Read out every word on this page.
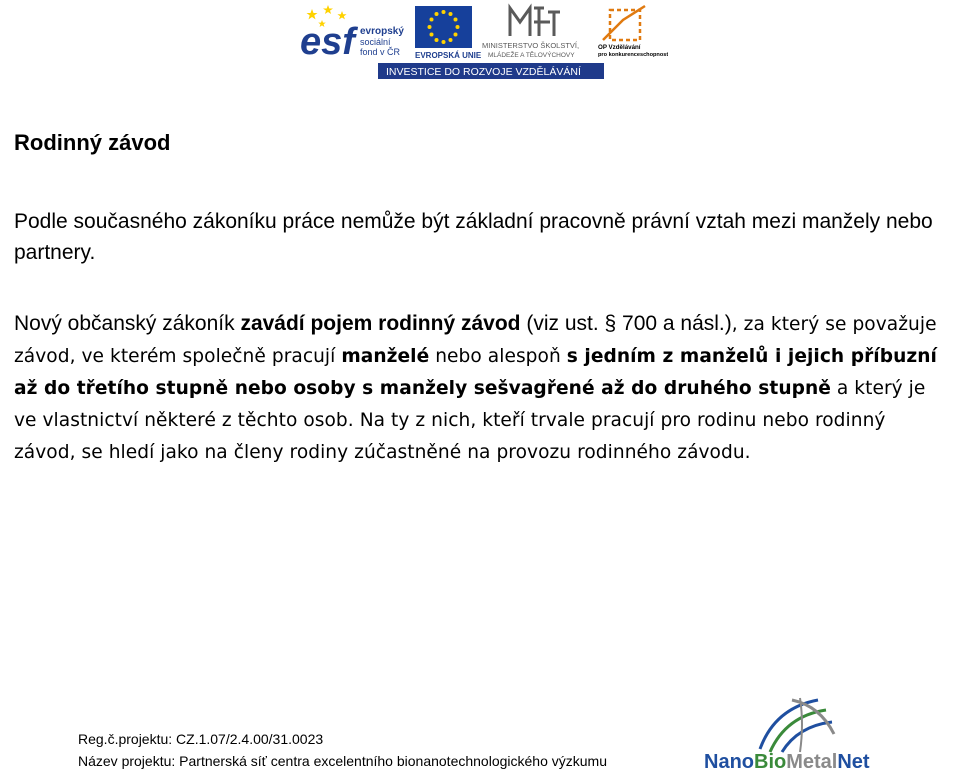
esf evropský
sociální
fond v ČR EVROPSKÁ UNIE
MINISTERSTVO ŠKOLSTVÍ,
MLÁDEŽE A TĚLOVÝCHOVY
OP Vzdělávání
pro konkurenceschopnost
INVESTICE DO ROZVOJE VZDĚLÁVÁNÍ
Rodinný závod

Podle současného zákoníku práce nemůže být základní pracovně právní vztah mezi manžely nebo partnery.

Nový občanský zákoník zavádí pojem rodinný závod (viz ust. § 700 a násl.), za který se považuje závod, ve kterém společně pracují manželé nebo alespoň s jedním z manželů i jejich příbuzní až do třetího stupně nebo osoby s manžely sešvagřené až do druhého stupně a který je ve vlastnictví některé z těchto osob. Na ty z nich, kteří trvale pracují pro rodinu nebo rodinný závod, se hledí jako na členy rodiny zúčastněné na provozu rodinného závodu.

Reg.č.projektu: CZ.1.07/2.4.00/31.0023
Název projektu: Partnerská síť centra excelentního bionanotechnologického výzkumu	NanoBioMetalNet
